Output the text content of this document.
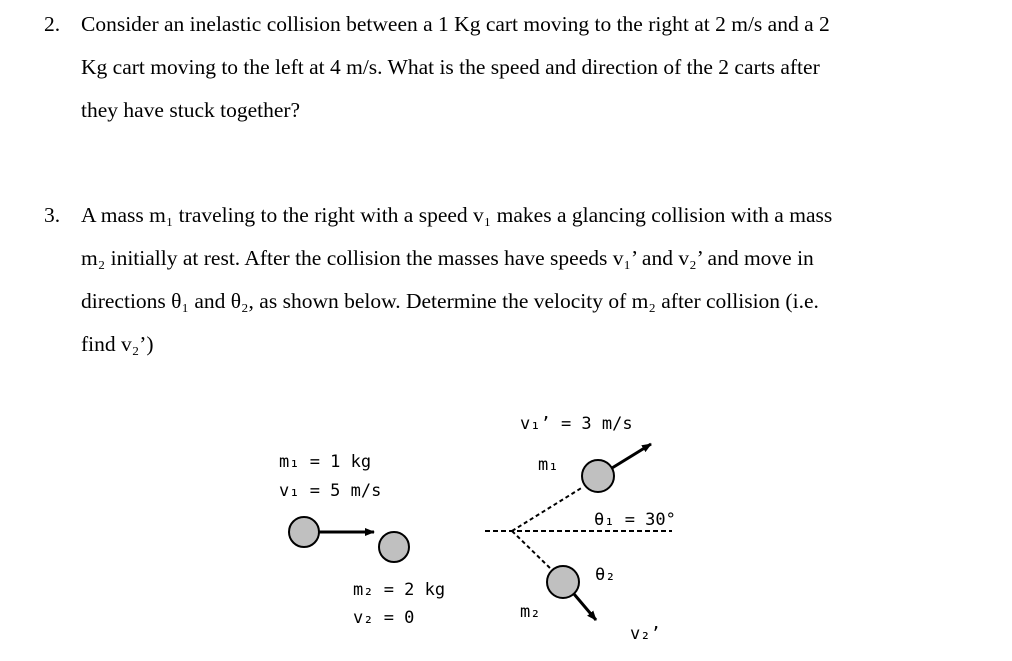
2. Consider an inelastic collision between a 1 Kg cart moving to the right at 2 m/s and a 2
Kg cart moving to the left at 4 m/s. What is the speed and direction of the 2 carts after
they have stuck together?
3. A mass m₁ traveling to the right with a speed v₁ makes a glancing collision with a mass
m₂ initially at rest. After the collision the masses have speeds v₁’ and v₂’ and move in
directions θ₁ and θ₂, as shown below. Determine the velocity of m₂ after collision (i.e.
find v₂’)
m₁ = 1 kg
v₁ = 5 m/s
m₂ = 2 kg
v₂ = 0
v₁’ = 3 m/s
m₁
θ₁ = 30°
θ₂
m₂
v₂’
